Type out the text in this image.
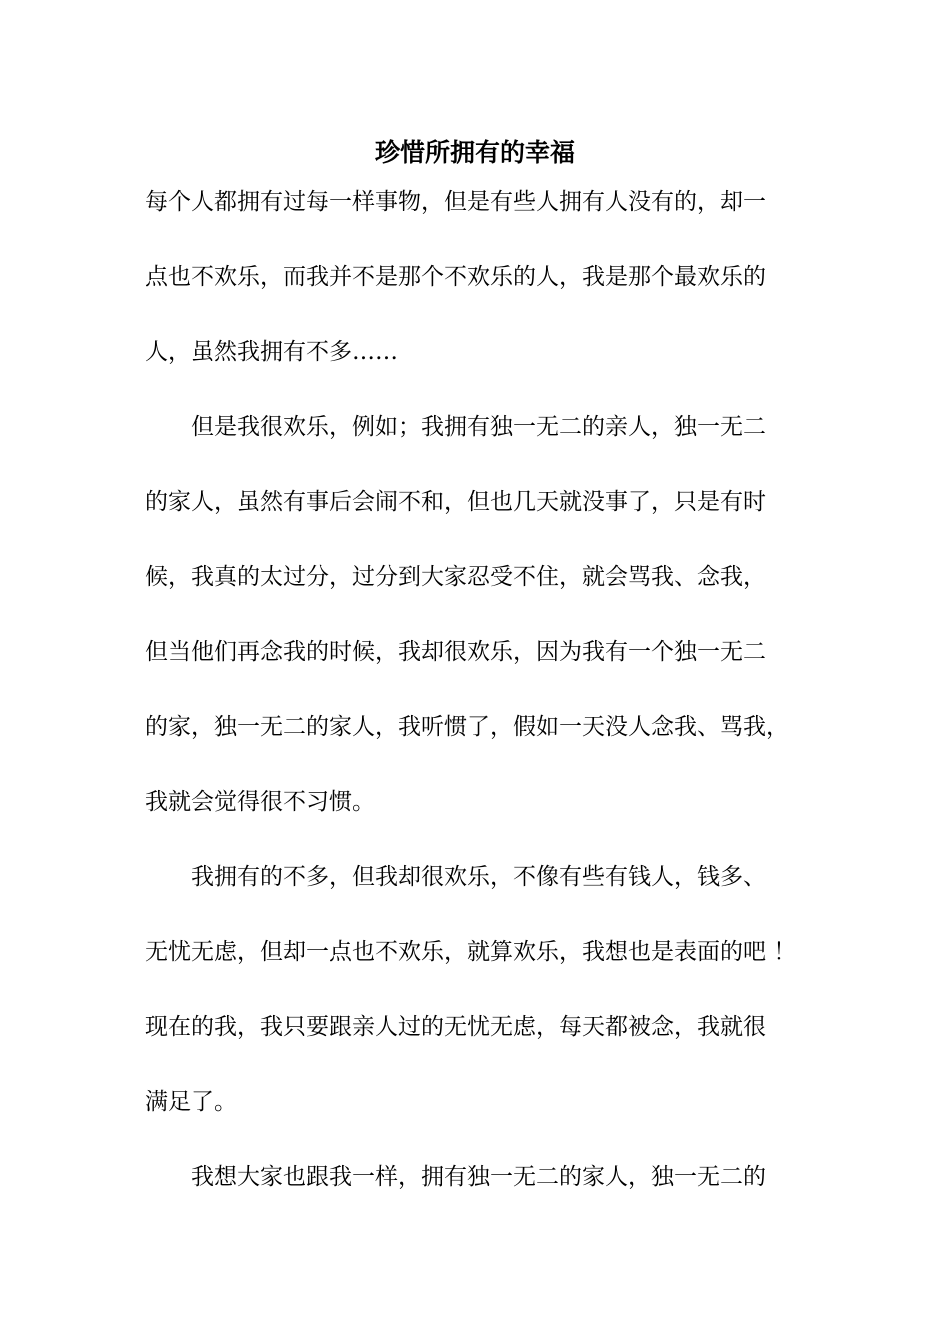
珍惜所拥有的幸福
每个人都拥有过每一样事物，但是有些人拥有人没有的，却一
点也不欢乐，而我并不是那个不欢乐的人，我是那个最欢乐的
人，虽然我拥有不多……
　　但是我很欢乐，例如；我拥有独一无二的亲人，独一无二
的家人，虽然有事后会闹不和，但也几天就没事了，只是有时
候，我真的太过分，过分到大家忍受不住，就会骂我、念我，
但当他们再念我的时候，我却很欢乐，因为我有一个独一无二
的家，独一无二的家人，我听惯了，假如一天没人念我、骂我，
我就会觉得很不习惯。
　　我拥有的不多，但我却很欢乐，不像有些有钱人，钱多、
无忧无虑，但却一点也不欢乐，就算欢乐，我想也是表面的吧 ！
现在的我，我只要跟亲人过的无忧无虑，每天都被念，我就很
满足了。
　　我想大家也跟我一样，拥有独一无二的家人，独一无二的
